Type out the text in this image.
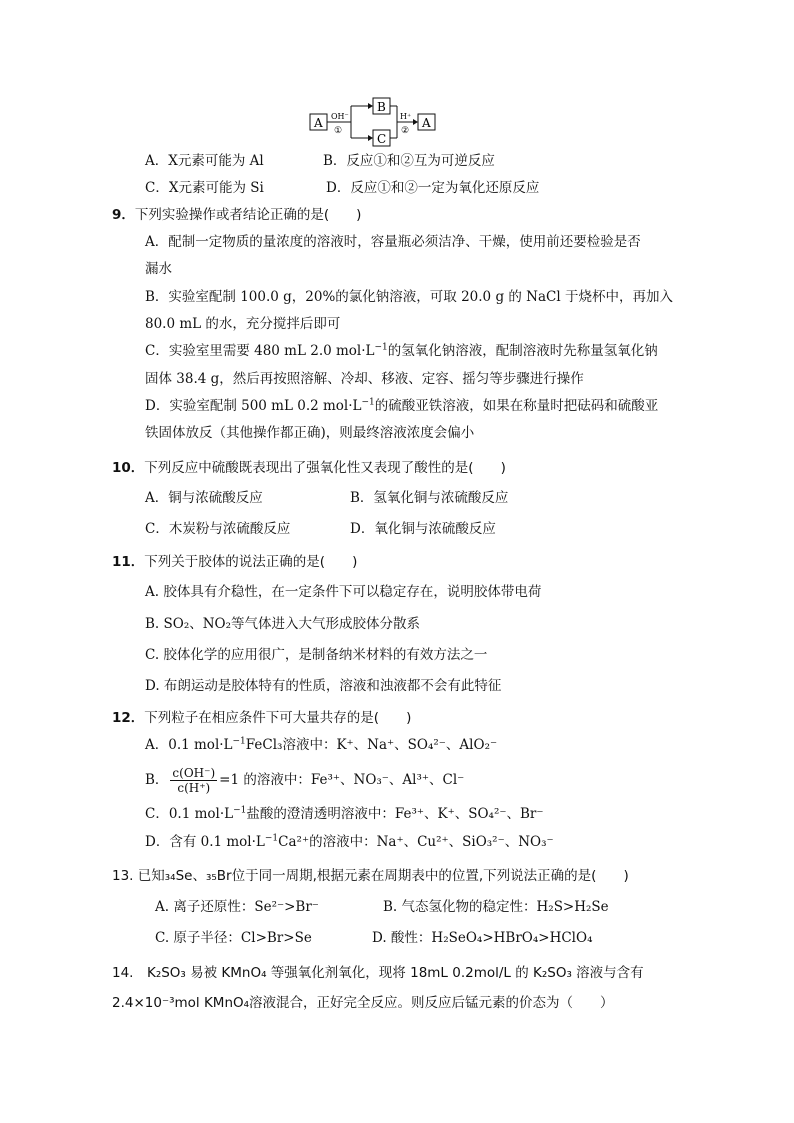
A OH⁻
①
B
C
H⁺
②
A
A．X元素可能为 Al	B．反应①和②互为可逆反应
C．X元素可能为 Si	D．反应①和②一定为氧化还原反应
9．下列实验操作或者结论正确的是(　　)
A．配制一定物质的量浓度的溶液时，容量瓶必须洁净、干燥，使用前还要检验是否
漏水
B．实验室配制 100.0 g，20%的氯化钠溶液，可取 20.0 g 的 NaCl 于烧杯中，再加入
80.0 mL 的水，充分搅拌后即可
C．实验室里需要 480 mL 2.0 $mol\cdot L^{-1}$的氢氧化钠溶液，配制溶液时先称量氢氧化钠
固体 38.4 g，然后再按照溶解、冷却、移液、定容、摇匀等步骤进行操作
D．实验室配制 500 mL 0.2 $mol\cdot L^{-1}$的硫酸亚铁溶液，如果在称量时把砝码和硫酸亚
铁固体放反（其他操作都正确)，则最终溶液浓度会偏小
10．下列反应中硫酸既表现出了强氧化性又表现了酸性的是(　　)
A．铜与浓硫酸反应	B．氢氧化铜与浓硫酸反应
C．木炭粉与浓硫酸反应	D．氧化铜与浓硫酸反应
11．下列关于胶体的说法正确的是(　　)
A. 胶体具有介稳性，在一定条件下可以稳定存在，说明胶体带电荷
B. SO₂、NO₂等气体进入大气形成胶体分散系
C. 胶体化学的应用很广，是制备纳米材料的有效方法之一
D. 布朗运动是胶体特有的性质，溶液和浊液都不会有此特征
12．下列粒子在相应条件下可大量共存的是(　　)
A．0.1 $mol\cdot L^{-1}FeCl_3$溶液中：K⁺、Na⁺、SO₄²⁻、AlO₂⁻
B． $\frac{c(OH^-)}{c(H^+)} =1$ 的溶液中：Fe³⁺、NO₃⁻、Al³⁺、Cl⁻
C．0.1 $mol\cdot L^{-1}$盐酸的澄清透明溶液中：Fe³⁺、K⁺、SO₄²⁻、Br⁻
D．含有 0.1 $mol\cdot L^{-1}Ca^{2+}$的溶液中：Na⁺、Cu²⁺、SiO₃²⁻、NO₃⁻
13. 已知₃₄Se、₃₅Br位于同一周期,根据元素在周期表中的位置,下列说法正确的是(　　)
A. 离子还原性：Se²⁻>Br⁻	B. 气态氢化物的稳定性：H₂S>H₂Se
C. 原子半径：Cl>Br>Se	D. 酸性：H₂SeO₄>HBrO₄>HClO₄
14.　K₂SO₃ 易被 KMnO₄ 等强氧化剂氧化，现将 18mL 0.2mol/L 的 K₂SO₃ 溶液与含有
2.4×10⁻³mol KMnO₄溶液混合，正好完全反应。则反应后锰元素的价态为（　　）
